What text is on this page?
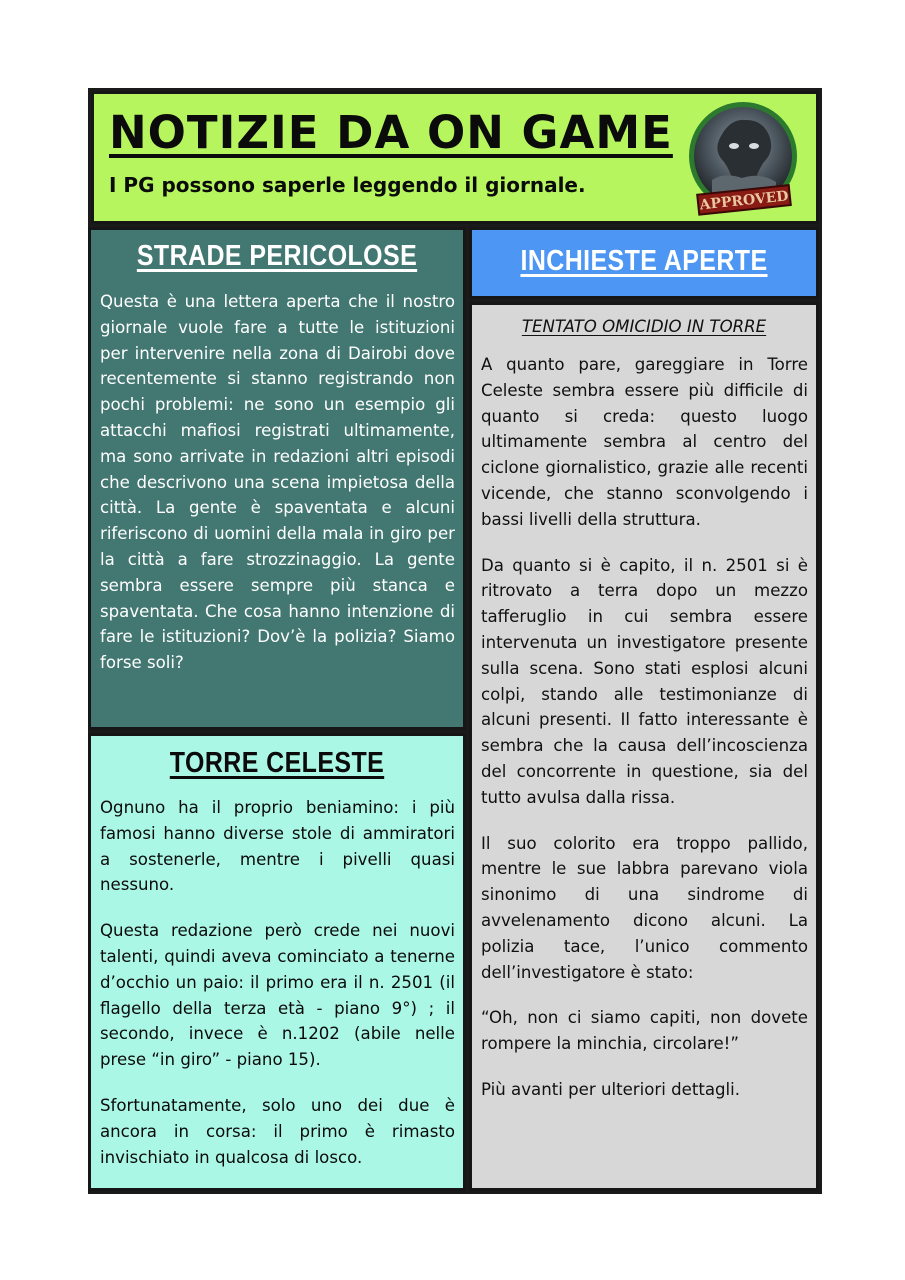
NOTIZIE DA ON GAME

I PG possono saperle leggendo il giornale.

APPROVED
STRADE PERICOLOSE

Questa è una lettera aperta che il nostro giornale vuole fare a tutte le istituzioni per intervenire nella zona di Dairobi dove recentemente si stanno registrando non pochi problemi: ne sono un esempio gli attacchi mafiosi registrati ultimamente, ma sono arrivate in redazioni altri episodi che descrivono una scena impietosa della città. La gente è spaventata e alcuni riferiscono di uomini della mala in giro per la città a fare strozzinaggio. La gente sembra essere sempre più stanca e spaventata. Che cosa hanno intenzione di fare le istituzioni? Dov’è la polizia? Siamo forse soli?

TORRE CELESTE

Ognuno ha il proprio beniamino: i più famosi hanno diverse stole di ammiratori a sostenerle, mentre i pivelli quasi nessuno.

Questa redazione però crede nei nuovi talenti, quindi aveva cominciato a tenerne d’occhio un paio: il primo era il n. 2501 (il flagello della terza età - piano 9°) ; il secondo, invece è n.1202 (abile nelle prese “in giro” - piano 15).

Sfortunatamente, solo uno dei due è ancora in corsa: il primo è rimasto invischiato in qualcosa di losco.

INCHIESTE APERTE

TENTATO OMICIDIO IN TORRE

A quanto pare, gareggiare in Torre Celeste sembra essere più difficile di quanto si creda: questo luogo ultimamente sembra al centro del ciclone giornalistico, grazie alle recenti vicende, che stanno sconvolgendo i bassi livelli della struttura.

Da quanto si è capito, il n. 2501 si è ritrovato a terra dopo un mezzo tafferuglio in cui sembra essere intervenuta un investigatore presente sulla scena. Sono stati esplosi alcuni colpi, stando alle testimonianze di alcuni presenti. Il fatto interessante è sembra che la causa dell’incoscienza del concorrente in questione, sia del tutto avulsa dalla rissa.

Il suo colorito era troppo pallido, mentre le sue labbra parevano viola sinonimo di una sindrome di avvelenamento dicono alcuni. La polizia tace, l’unico commento dell’investigatore è stato:

“Oh, non ci siamo capiti, non dovete rompere la minchia, circolare!”

Più avanti per ulteriori dettagli.
